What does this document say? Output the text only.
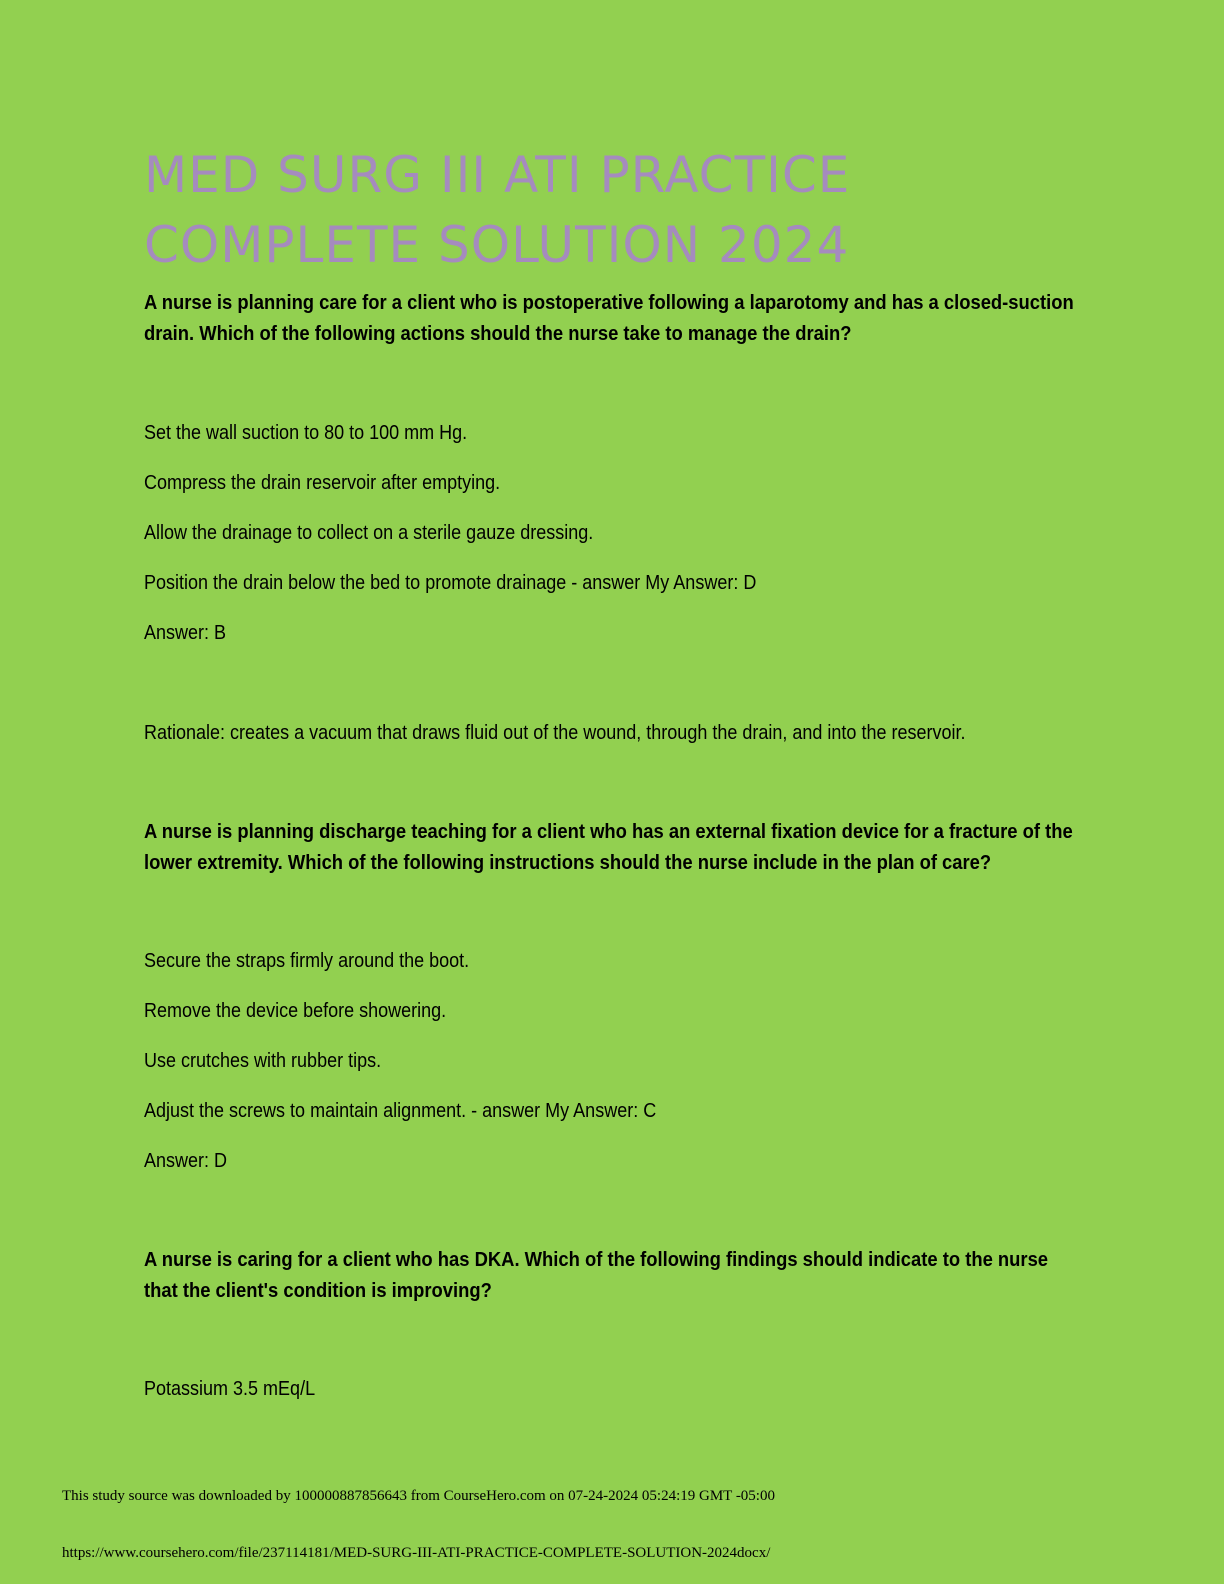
MED SURG III ATI PRACTICE COMPLETE SOLUTION 2024
A nurse is planning care for a client who is postoperative following a laparotomy and has a closed-suction drain. Which of the following actions should the nurse take to manage the drain?
Set the wall suction to 80 to 100 mm Hg.
Compress the drain reservoir after emptying.
Allow the drainage to collect on a sterile gauze dressing.
Position the drain below the bed to promote drainage - answer My Answer: D
Answer: B
Rationale: creates a vacuum that draws fluid out of the wound, through the drain, and into the reservoir.
A nurse is planning discharge teaching for a client who has an external fixation device for a fracture of the lower extremity. Which of the following instructions should the nurse include in the plan of care?
Secure the straps firmly around the boot.
Remove the device before showering.
Use crutches with rubber tips.
Adjust the screws to maintain alignment. - answer My Answer: C
Answer: D
A nurse is caring for a client who has DKA. Which of the following findings should indicate to the nurse that the client's condition is improving?
Potassium 3.5 mEq/L
This study source was downloaded by 100000887856643 from CourseHero.com on 07-24-2024 05:24:19 GMT -05:00
https://www.coursehero.com/file/237114181/MED-SURG-III-ATI-PRACTICE-COMPLETE-SOLUTION-2024docx/
